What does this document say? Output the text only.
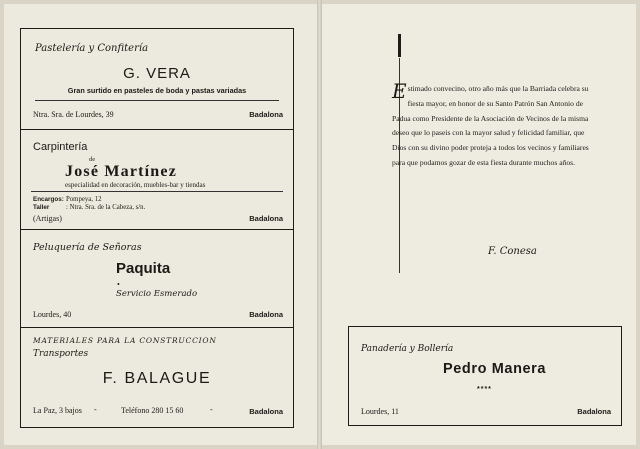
Pastelería y Confitería
G. VERA
Gran surtido en pasteles de boda y pastas variadas
Ntra. Sra. de Lourdes, 39	Badalona
Carpintería
de
José Martínez
especialidad en decoración, muebles-bar y tiendas
Encargos: Pompeya, 12
Taller : Ntra. Sra. de la Cabeza, s/n.
(Artigas)	Badalona
Peluquería de Señoras
Paquita
•
Servicio Esmerado
Lourdes, 40	Badalona
MATERIALES PARA LA CONSTRUCCION
Transportes
F. BALAGUE
La Paz, 3 bajos -	Teléfono 280 15 60	-	Badalona
Estimado convecino, otro año más que la Barriada celebra su fiesta mayor, en honor de su Santo Patrón San Antonio de Padua como Presidente de la Asociación de Vecinos de la misma deseo que lo paseis con la mayor salud y felicidad familiar, que Dios con su divino poder proteja a todos los vecinos y familiares para que podamos gozar de esta fiesta durante muchos años.
F. Conesa
Panadería y Bollería
Pedro Manera
****
Lourdes, 11	Badalona
